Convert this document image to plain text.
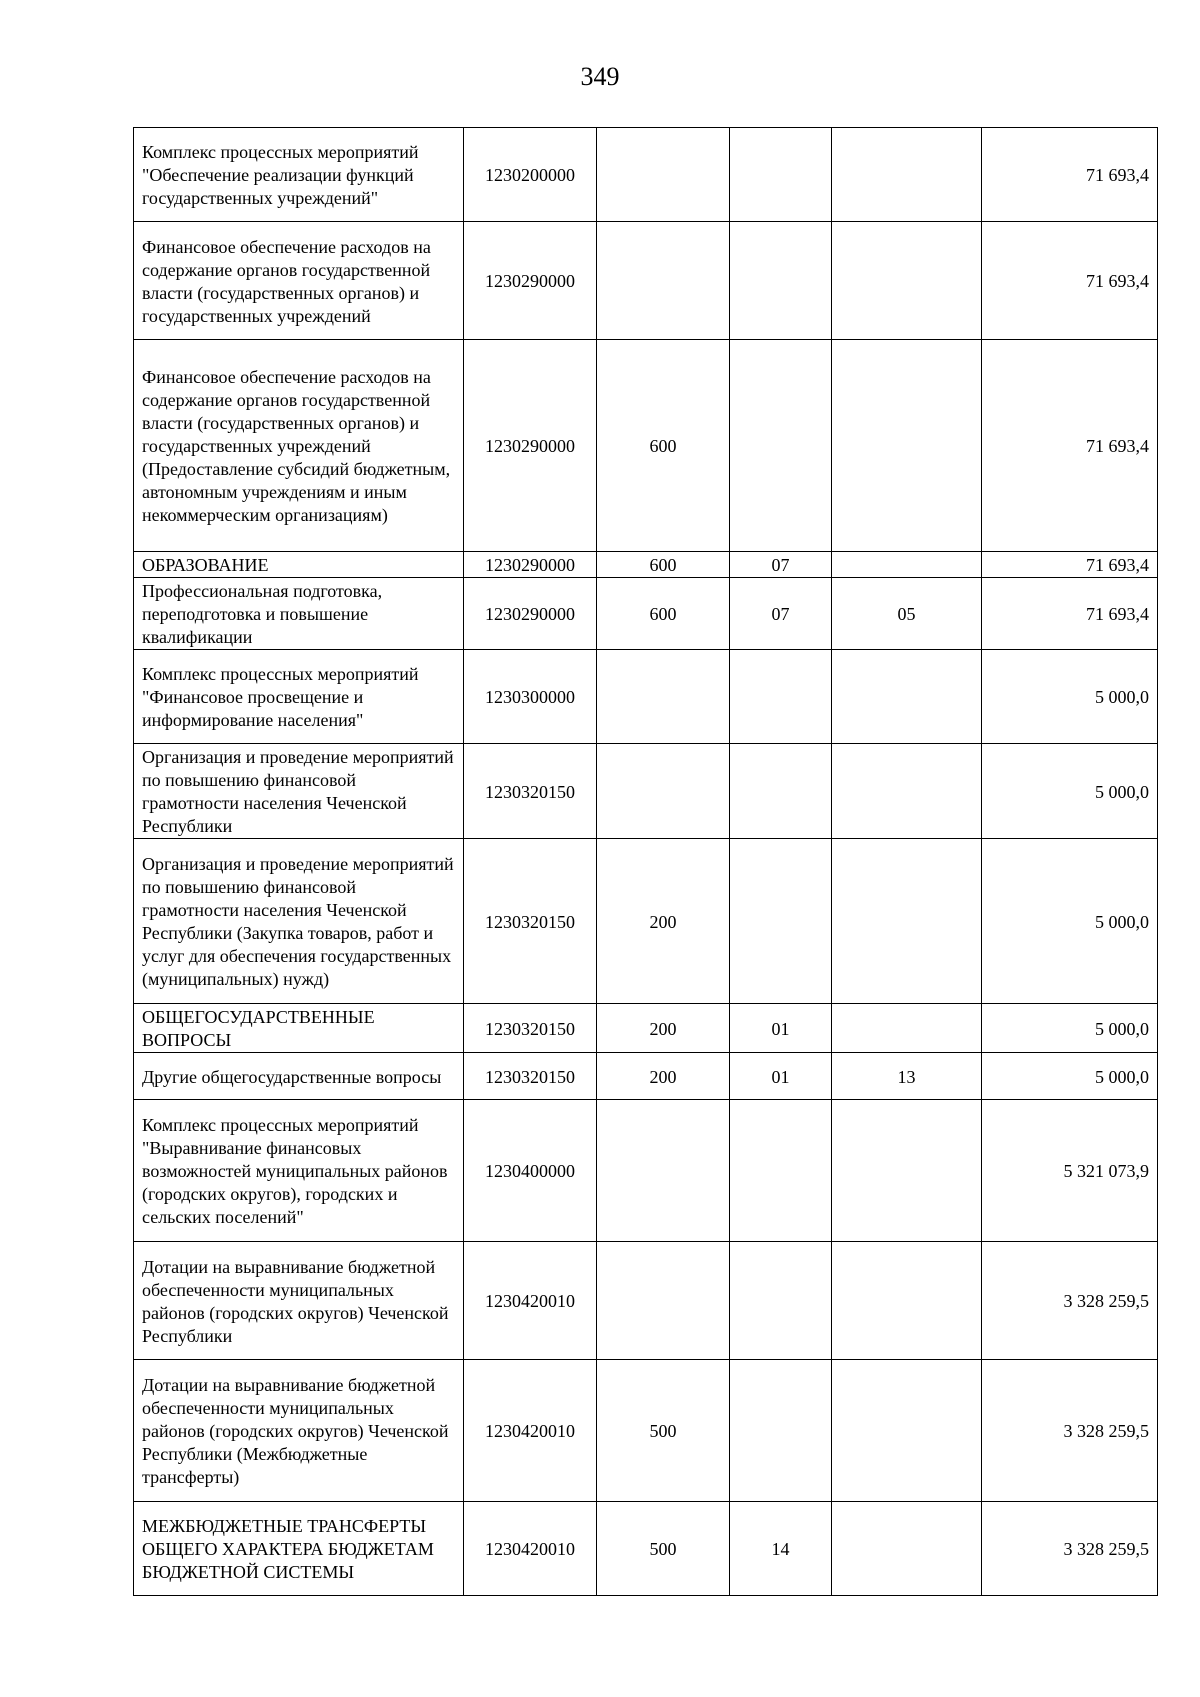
349
Комплекс процессных мероприятий "Обеспечение реализации функций государственных учреждений"	1230200000				71 693,4
Финансовое обеспечение расходов на содержание органов государственной власти (государственных органов) и государственных учреждений	1230290000				71 693,4
Финансовое обеспечение расходов на содержание органов государственной власти (государственных органов) и государственных учреждений (Предоставление субсидий бюджетным, автономным учреждениям и иным некоммерческим организациям)	1230290000	600			71 693,4
ОБРАЗОВАНИЕ	1230290000	600	07		71 693,4
Профессиональная подготовка, переподготовка и повышение квалификации	1230290000	600	07	05	71 693,4
Комплекс процессных мероприятий "Финансовое просвещение и информирование населения"	1230300000				5 000,0
Организация и проведение мероприятий по повышению финансовой грамотности населения Чеченской Республики	1230320150				5 000,0
Организация и проведение мероприятий по повышению финансовой грамотности населения Чеченской Республики (Закупка товаров, работ и услуг для обеспечения государственных (муниципальных) нужд)	1230320150	200			5 000,0
ОБЩЕГОСУДАРСТВЕННЫЕ ВОПРОСЫ	1230320150	200	01		5 000,0
Другие общегосударственные вопросы	1230320150	200	01	13	5 000,0
Комплекс процессных мероприятий "Выравнивание финансовых возможностей муниципальных районов (городских округов), городских и сельских поселений"	1230400000				5 321 073,9
Дотации на выравнивание бюджетной обеспеченности муниципальных районов (городских округов) Чеченской Республики	1230420010				3 328 259,5
Дотации на выравнивание бюджетной обеспеченности муниципальных районов (городских округов) Чеченской Республики (Межбюджетные трансферты)	1230420010	500			3 328 259,5
МЕЖБЮДЖЕТНЫЕ ТРАНСФЕРТЫ ОБЩЕГО ХАРАКТЕРА БЮДЖЕТАМ БЮДЖЕТНОЙ СИСТЕМЫ	1230420010	500	14		3 328 259,5
